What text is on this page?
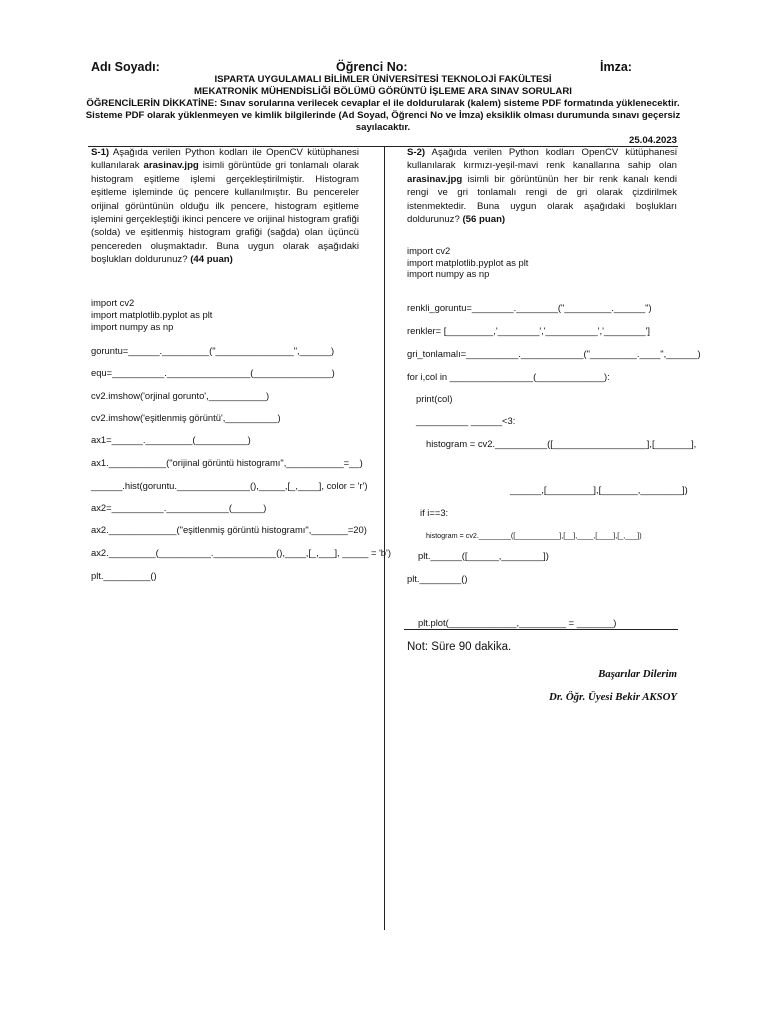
Adı Soyadı:	Öğrenci No:	İmza:
ISPARTA UYGULAMALI BİLİMLER ÜNİVERSİTESİ TEKNOLOJİ FAKÜLTESİ
MEKATRONİK MÜHENDİSLİĞİ BÖLÜMÜ GÖRÜNTÜ İŞLEME ARA SINAV SORULARI
ÖĞRENCİLERİN DİKKATİNE: Sınav sorularına verilecek cevaplar el ile doldurularak (kalem) sisteme PDF formatında yüklenecektir.
Sisteme PDF olarak yüklenmeyen ve kimlik bilgilerinde (Ad Soyad, Öğrenci No ve İmza) eksiklik olması durumunda sınavı geçersiz
sayılacaktır.
25.04.2023
S-1) Aşağıda verilen Python kodları ile OpenCV kütüphanesi kullanılarak arasinav.jpg isimli görüntüde gri tonlamalı olarak histogram eşitleme işlemi gerçekleştirilmiştir. Histogram eşitleme işleminde üç pencere kullanılmıştır. Bu pencereler orijinal görüntünün olduğu ilk pencere, histogram eşitleme işlemini gerçekleştiği ikinci pencere ve orijinal histogram grafiği (solda) ve eşitlenmiş histogram grafiği (sağda) olan üçüncü pencereden oluşmaktadır. Buna uygun olarak aşağıdaki boşlukları doldurunuz? (44 puan)
import cv2
import matplotlib.pyplot as plt
import numpy as np
goruntu=______._________("_______________",______)
equ=__________.________________(_______________)
cv2.imshow('orjinal gorunto',___________)
cv2.imshow('eşitlenmiş görüntü',__________)
ax1=______._________(__________)
ax1.___________("orijinal görüntü histogramı",___________=__)
______.hist(goruntu.______________(),_____,[_,____], color = 'r')
ax2=__________.____________(______)
ax2._____________("eşitlenmiş görüntü histogramı",_______=20)
ax2._________(__________.____________(),____,[_,___], _____ = 'b')
plt._________()
S-2) Aşağıda verilen Python kodları OpenCV kütüphanesi kullanılarak kırmızı-yeşil-mavi renk kanallarına sahip olan arasinav.jpg isimli bir görüntünün her bir renk kanalı kendi rengi ve gri tonlamalı rengi de gri olarak çizdirilmek istenmektedir. Buna uygun olarak aşağıdaki boşlukları doldurunuz? (56 puan)
import cv2
import matplotlib.pyplot as plt
import numpy as np
renkli_goruntu=________.________("_________.______")
renkler= [_________,'________','__________','________']
gri_tonlamalı=__________.____________("_________.____",______)
for i,col in ________________(_____________):
print(col)
__________ ______<3:
histogram = cv2.__________([__________________],[_______],
______,[_________],[_______,________])
if i==3:
histogram = cv2.________([___________],[__],____,[____],[_,___])
plt.______([______,________])
plt.________()
plt.plot(_____________,_________ = _______)
Not: Süre 90 dakika.
Başarılar Dilerim
Dr. Öğr. Üyesi Bekir AKSOY
